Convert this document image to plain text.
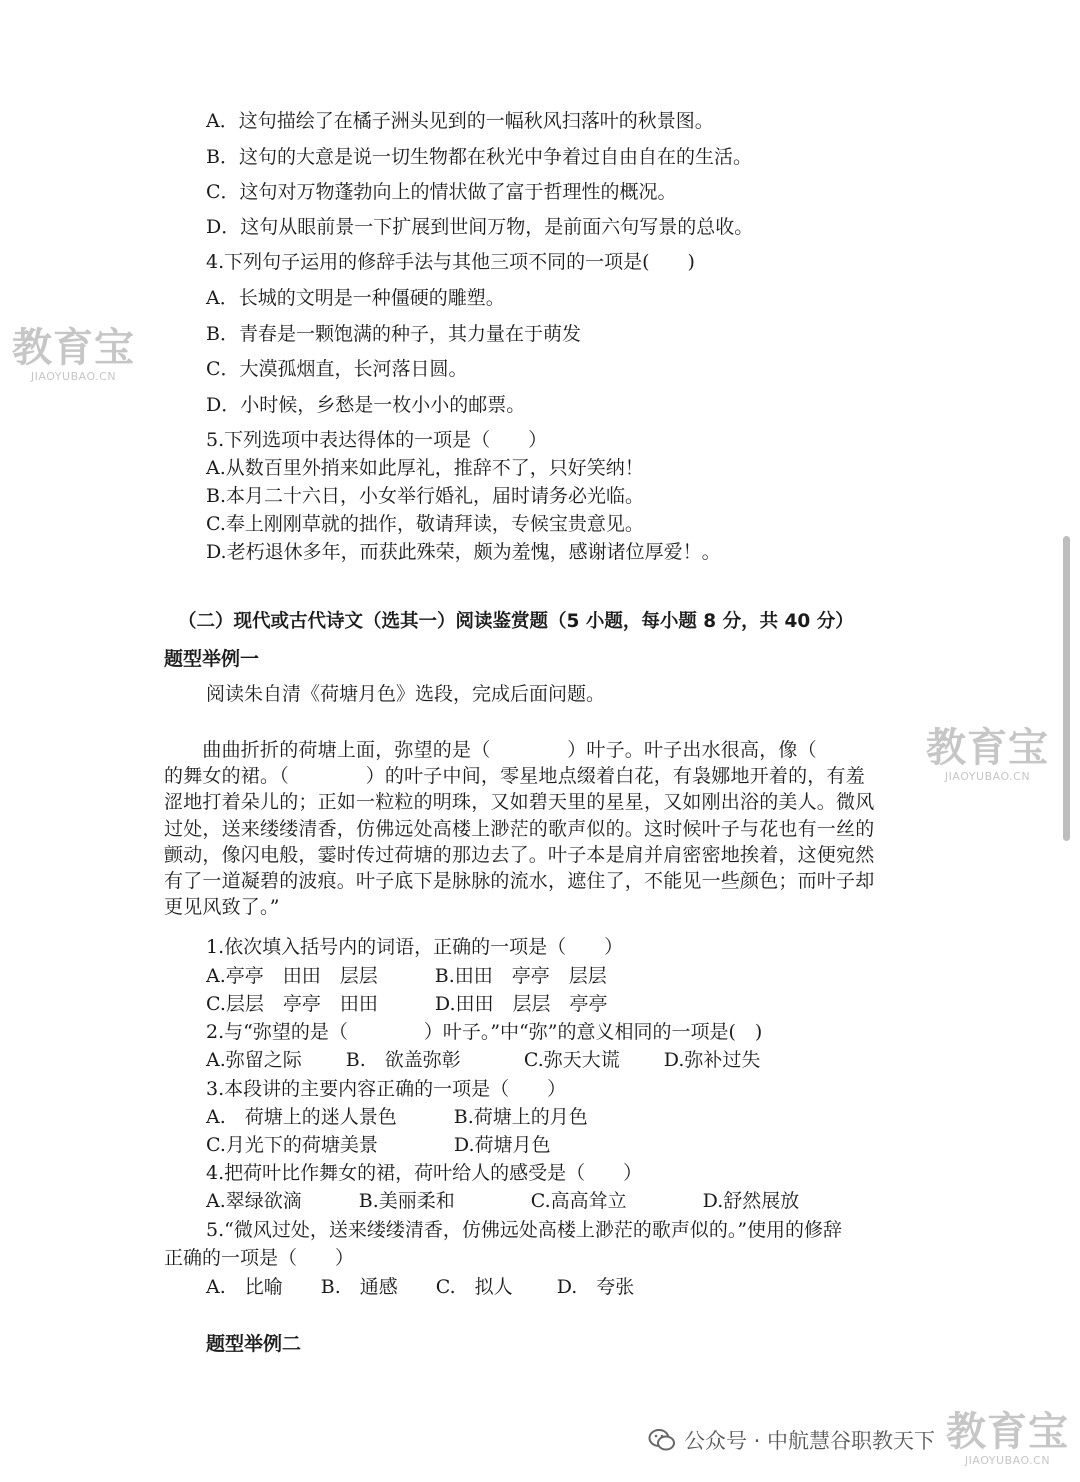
A．这句描绘了在橘子洲头见到的一幅秋风扫落叶的秋景图。
B．这句的大意是说一切生物都在秋光中争着过自由自在的生活。
C．这句对万物蓬勃向上的情状做了富于哲理性的概况。
D．这句从眼前景一下扩展到世间万物，是前面六句写景的总收。
4.下列句子运用的修辞手法与其他三项不同的一项是(　　)
A．长城的文明是一种僵硬的雕塑。
B．青春是一颗饱满的种子，其力量在于萌发
C．大漠孤烟直，长河落日圆。
D．小时候，乡愁是一枚小小的邮票。
5.下列选项中表达得体的一项是（　　）
A.从数百里外捎来如此厚礼，推辞不了，只好笑纳！
B.本月二十六日，小女举行婚礼，届时请务必光临。
C.奉上刚刚草就的拙作，敬请拜读，专候宝贵意见。
D.老朽退休多年，而获此殊荣，颇为羞愧，感谢诸位厚爱！。
（二）现代或古代诗文（选其一）阅读鉴赏题（5 小题，每小题 8 分，共 40 分）
题型举例一
阅读朱自清《荷塘月色》选段，完成后面问题。
　　曲曲折折的荷塘上面，弥望的是（　　　　）叶子。叶子出水很高，像（
的舞女的裙。（　　　　）的叶子中间，零星地点缀着白花，有袅娜地开着的，有羞
涩地打着朵儿的；正如一粒粒的明珠，又如碧天里的星星，又如刚出浴的美人。微风
过处，送来缕缕清香，仿佛远处高楼上渺茫的歌声似的。这时候叶子与花也有一丝的
颤动，像闪电般，霎时传过荷塘的那边去了。叶子本是肩并肩密密地挨着，这便宛然
有了一道凝碧的波痕。叶子底下是脉脉的流水，遮住了，不能见一些颜色；而叶子却
更见风致了。”
1.依次填入括号内的词语，正确的一项是（　　）
A.亭亭　田田　层层　　　B.田田　亭亭　层层
C.层层　亭亭　田田　　　D.田田　层层　亭亭
2.与“弥望的是（　　　　）叶子。”中“弥”的意义相同的一项是(　)
A.弥留之际　　 B.　欲盖弥彰　　　 C.弥天大谎　　 D.弥补过失
3.本段讲的主要内容正确的一项是（　　）
A.　荷塘上的迷人景色　　　B.荷塘上的月色
C.月光下的荷塘美景　　　　D.荷塘月色
4.把荷叶比作舞女的裙，荷叶给人的感受是（　　）
A.翠绿欲滴　　　B.美丽柔和　　　　C.高高耸立　　　　D.舒然展放
5.“微风过处，送来缕缕清香，仿佛远处高楼上渺茫的歌声似的。”使用的修辞
正确的一项是（　　）
A.　比喻　　B.　通感　　C.　拟人　　 D.　夸张
题型举例二
教育宝
JIAOYUBAO.CN
教育宝
JIAOYUBAO.CN
教育宝
JIAOYUBAO.CN
公众号 · 中航慧谷职教天下
